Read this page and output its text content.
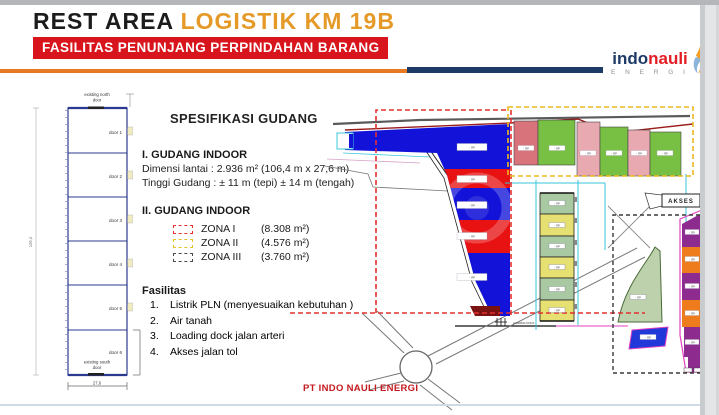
REST AREA LOGISTIK KM 19B
FASILITAS PENUNJANG PERPINDAHAN BARANG
indonauli
E N E R G I
SPESIFIKASI GUDANG
I. GUDANG INDOOR
Dimensi lantai : 2.936 m² (106,4 m x 27,6 m)
Tinggi Gudang : ± 11 m (tepi) ± 14 m (tengah)
II. GUDANG INDOOR
ZONA I	(8.308 m²)
ZONA II	(4.576 m²)
ZONA III	(3.760 m²)
Fasilitas
1.	Listrik PLN (menyesuaikan kebutuhan )
2.	Air tanah
3.	Loading dock jalan arteri
4.	Akses jalan tol
existing north
door
door 1
door 2
door 3
door 4
door 5
door 6
existing south
door
27,6
106,4
AKSES
LOADING DOCK
· m²
· m²
· m²
· m²
· m²
· m²	· m²
· m²	· m²	· m²	· m²
· m²
· m²
· m²
· m²
· m²
· m²
· m²
· m²
· m²
· m²
· m²
· m²
· m²
PT INDO NAULI ENERGI
